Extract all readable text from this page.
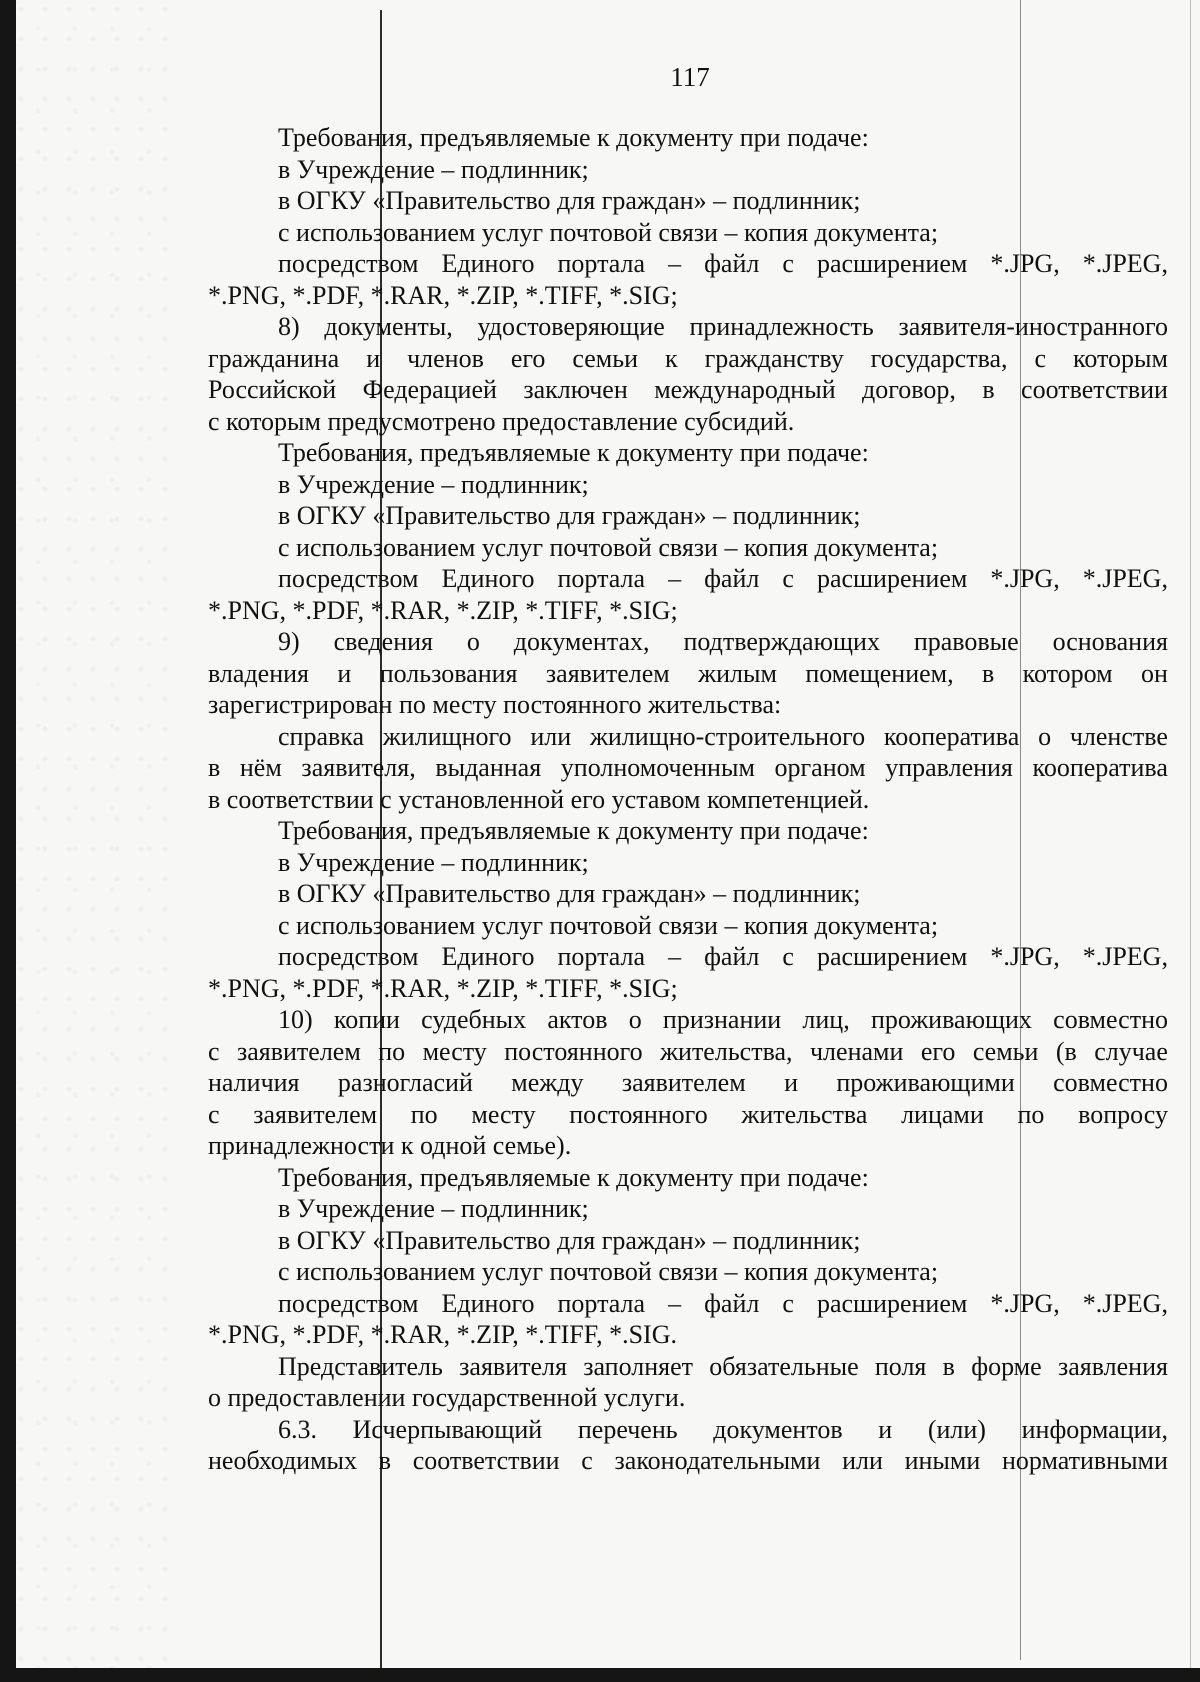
117
Требования, предъявляемые к документу при подаче:
в Учреждение – подлинник;
в ОГКУ «Правительство для граждан» – подлинник;
с использованием услуг почтовой связи – копия документа;
посредством Единого портала – файл с расширением *.JPG, *.JPEG,
*.PNG, *.PDF, *.RAR, *.ZIP, *.TIFF, *.SIG;
8) документы, удостоверяющие принадлежность заявителя-иностранного
гражданина и членов его семьи к гражданству государства, с которым
Российской Федерацией заключен международный договор, в соответствии
с которым предусмотрено предоставление субсидий.
Требования, предъявляемые к документу при подаче:
в Учреждение – подлинник;
в ОГКУ «Правительство для граждан» – подлинник;
с использованием услуг почтовой связи – копия документа;
посредством Единого портала – файл с расширением *.JPG, *.JPEG,
*.PNG, *.PDF, *.RAR, *.ZIP, *.TIFF, *.SIG;
9) сведения о документах, подтверждающих правовые основания
владения и пользования заявителем жилым помещением, в котором он
зарегистрирован по месту постоянного жительства:
справка жилищного или жилищно-строительного кооператива о членстве
в нём заявителя, выданная уполномоченным органом управления кооператива
в соответствии с установленной его уставом компетенцией.
Требования, предъявляемые к документу при подаче:
в Учреждение – подлинник;
в ОГКУ «Правительство для граждан» – подлинник;
с использованием услуг почтовой связи – копия документа;
посредством Единого портала – файл с расширением *.JPG, *.JPEG,
*.PNG, *.PDF, *.RAR, *.ZIP, *.TIFF, *.SIG;
10) копии судебных актов о признании лиц, проживающих совместно
с заявителем по месту постоянного жительства, членами его семьи (в случае
наличия разногласий между заявителем и проживающими совместно
с заявителем по месту постоянного жительства лицами по вопросу
принадлежности к одной семье).
Требования, предъявляемые к документу при подаче:
в Учреждение – подлинник;
в ОГКУ «Правительство для граждан» – подлинник;
с использованием услуг почтовой связи – копия документа;
посредством Единого портала – файл с расширением *.JPG, *.JPEG,
*.PNG, *.PDF, *.RAR, *.ZIP, *.TIFF, *.SIG.
Представитель заявителя заполняет обязательные поля в форме заявления
о предоставлении государственной услуги.
6.3. Исчерпывающий перечень документов и (или) информации,
необходимых в соответствии с законодательными или иными нормативными
